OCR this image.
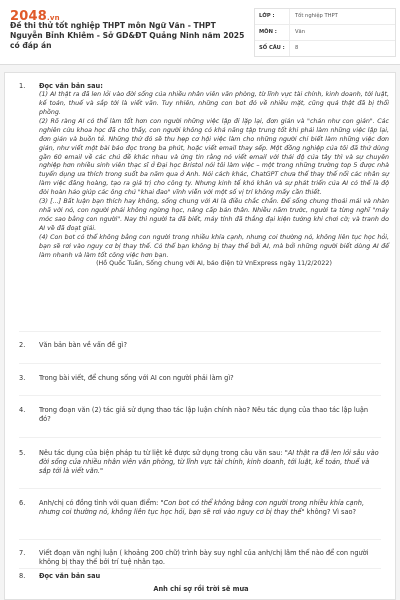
2048.vn
Đề thi thử tốt nghiệp THPT môn Ngữ Văn - THPT Nguyễn Bỉnh Khiêm - Sở GD&ĐT Quảng Ninh năm 2025 có đáp án
LỚP :	Tốt nghiệp THPT
MÔN :	Văn
SỐ CÂU :	8
1. Đọc văn bản sau:

(1) AI thật ra đã len lỏi vào đời sống của nhiều nhân viên văn phòng, từ lĩnh vực tài chính, kinh doanh, tới luật, kế toán, thuế và sắp tới là viết văn. Tuy nhiên, những con bot đó về nhiều mặt, cũng quá thật đã bị thổi phồng.

(2) Rõ ràng AI có thể làm tốt hơn con người những việc lặp đi lặp lại, đơn giản và "chán như con gián". Các nghiên cứu khoa học đã cho thấy, con người không có khả năng tập trung tốt khi phải làm những việc lặp lại, đơn giản và buồn tẻ. Những thứ đó sẽ thu hẹp cơ hội việc làm cho những người chỉ biết làm những việc đơn giản, như viết một bài báo đọc trong ba phút, hoặc viết email thay sếp. Một đồng nghiệp của tôi đã thử dùng gần 60 email về các chủ đề khác nhau và ứng tin rằng nó viết email với thái độ của tây thì và sự chuyên nghiệp hơn nhiều sinh viên thạc sĩ ở Đại học Bristol nói tôi làm việc – một trong những trường top 5 được nhà tuyển dụng ưa thích trong suốt ba năm qua ở Anh. Nói cách khác, ChatGPT chưa thể thay thế nổi các nhân sự làm việc đăng hoàng, tạo ra giá trị cho công ty. Nhưng kinh tế khó khăn và sự phát triển của AI có thể là độ đòi hoàn hảo giúp các ông chủ "khai đao" vĩnh viễn với một số vị trí không mấy cần thiết.

(3) [...] Bất luận bạn thích hay không, sống chung với AI là điều chắc chắn. Để sống chung thoải mái và nhàn nhã với nó, con người phải không ngừng học, nâng cấp bản thân. Nhiều năm trước, người ta từng nghĩ "máy móc sao bằng con người". Nay thì người ta đã biết, máy tính đã thắng đại kiện tướng khi chơi cờ; và tranh do AI vẽ đã đoạt giải.

(4) Con bot có thể không bằng con người trong nhiều khía cạnh, nhưng coi thường nó, không liên tục học hỏi, bạn sẽ rơi vào nguy cơ bị thay thế. Có thể bạn không bị thay thế bởi AI, mà bởi những người biết dùng AI để làm nhanh và làm tốt công việc hơn bạn.

(Hồ Quốc Tuấn, Sống chung với AI, báo điện tử VnExpress ngày 11/2/2022)

2. Văn bản bàn về vấn đề gì?
3. Trong bài viết, để chung sống với AI con người phải làm gì?
4. Trong đoạn văn (2) tác giả sử dụng thao tác lập luận chính nào? Nêu tác dụng của thao tác lập luận đó?
5. Nêu tác dụng của biện pháp tu từ liệt kê được sử dụng trong câu văn sau: "AI thật ra đã len lỏi sâu vào đời sống của nhiều nhân viên văn phòng, từ lĩnh vực tài chính, kinh doanh, tới luật, kế toán, thuế và sắp tới là viết văn."
6. Anh/chị có đồng tình với quan điểm: "Con bot có thể không bằng con người trong nhiều khía cạnh, nhưng coi thường nó, không liên tục học hỏi, bạn sẽ rơi vào nguy cơ bị thay thế" không? Vì sao?
7. Viết đoạn văn nghị luận ( khoảng 200 chữ) trình bày suy nghĩ của anh/chị lâm thế nào để con người không bị thay thế bởi trí tuệ nhân tạo.
8. Đọc văn bản sau
Anh chỉ sợ rồi trời sẽ mưa
